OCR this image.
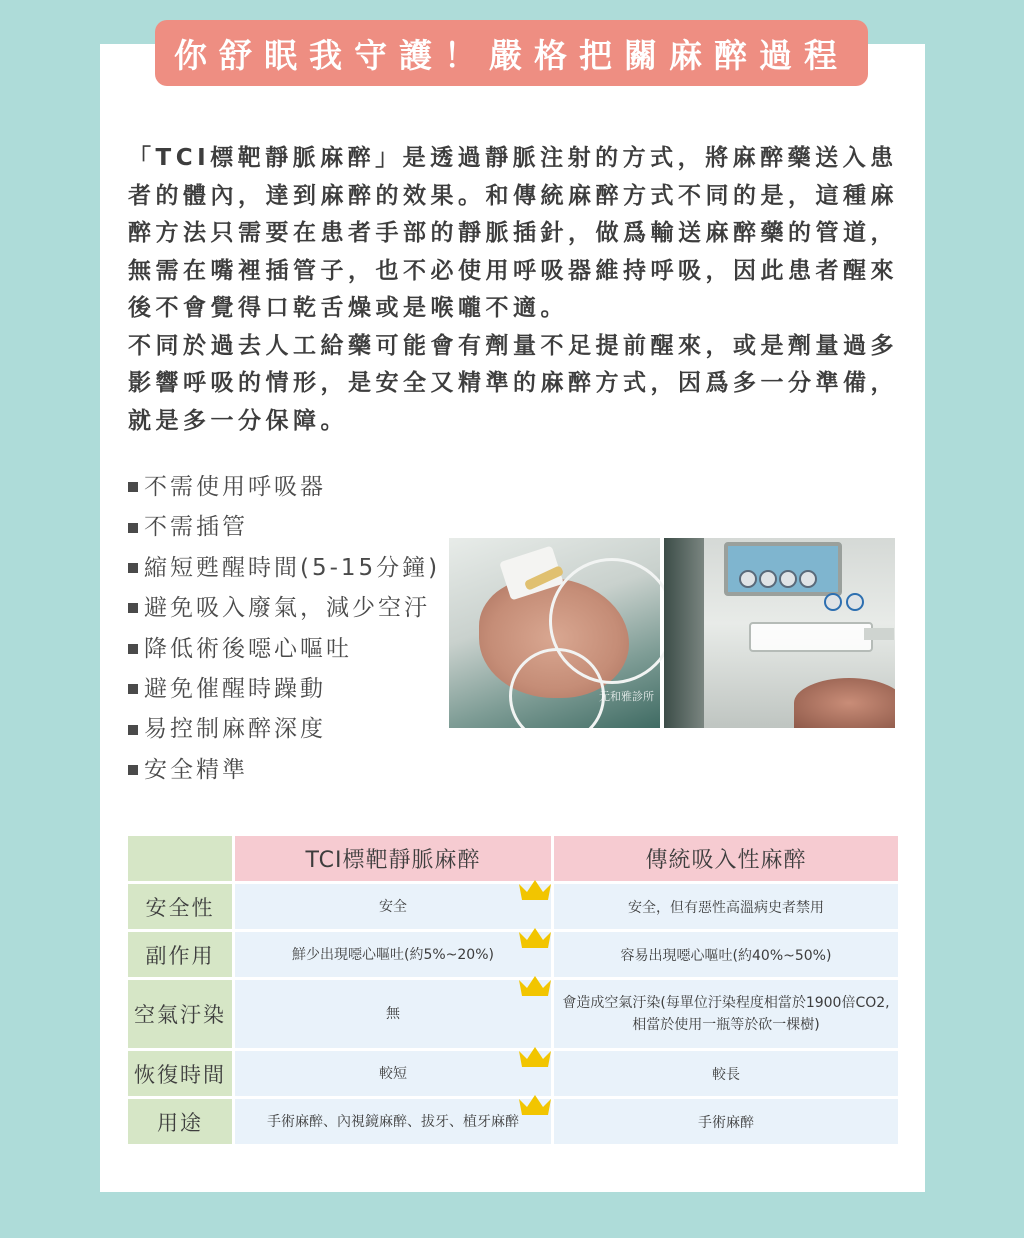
你舒眠我守護！嚴格把關麻醉過程

「TCI標靶靜脈麻醉」是透過靜脈注射的方式，將麻醉藥送入患者的體內，達到麻醉的效果。和傳統麻醉方式不同的是，這種麻醉方法只需要在患者手部的靜脈插針，做爲輸送麻醉藥的管道，無需在嘴裡插管子，也不必使用呼吸器維持呼吸，因此患者醒來後不會覺得口乾舌燥或是喉嚨不適。

不同於過去人工給藥可能會有劑量不足提前醒來，或是劑量過多影響呼吸的情形，是安全又精準的麻醉方式，因爲多一分準備，就是多一分保障。

不需使用呼吸器
不需插管
縮短甦醒時間(5-15分鐘)
避免吸入廢氣，減少空汙
降低術後噁心嘔吐
避免催醒時躁動
易控制麻醉深度
安全精準
元和雅診所
	TCI標靶靜脈麻醉	傳統吸入性麻醉
安全性	安全	安全，但有惡性高溫病史者禁用
副作用	鮮少出現噁心嘔吐(約5%~20%)	容易出現噁心嘔吐(約40%~50%)
空氣汙染	無	會造成空氣汙染(每單位汙染程度相當於1900倍CO2,相當於使用一瓶等於砍一棵樹)

恢復時間	較短	較長
用途	手術麻醉、內視鏡麻醉、拔牙、植牙麻醉	手術麻醉
